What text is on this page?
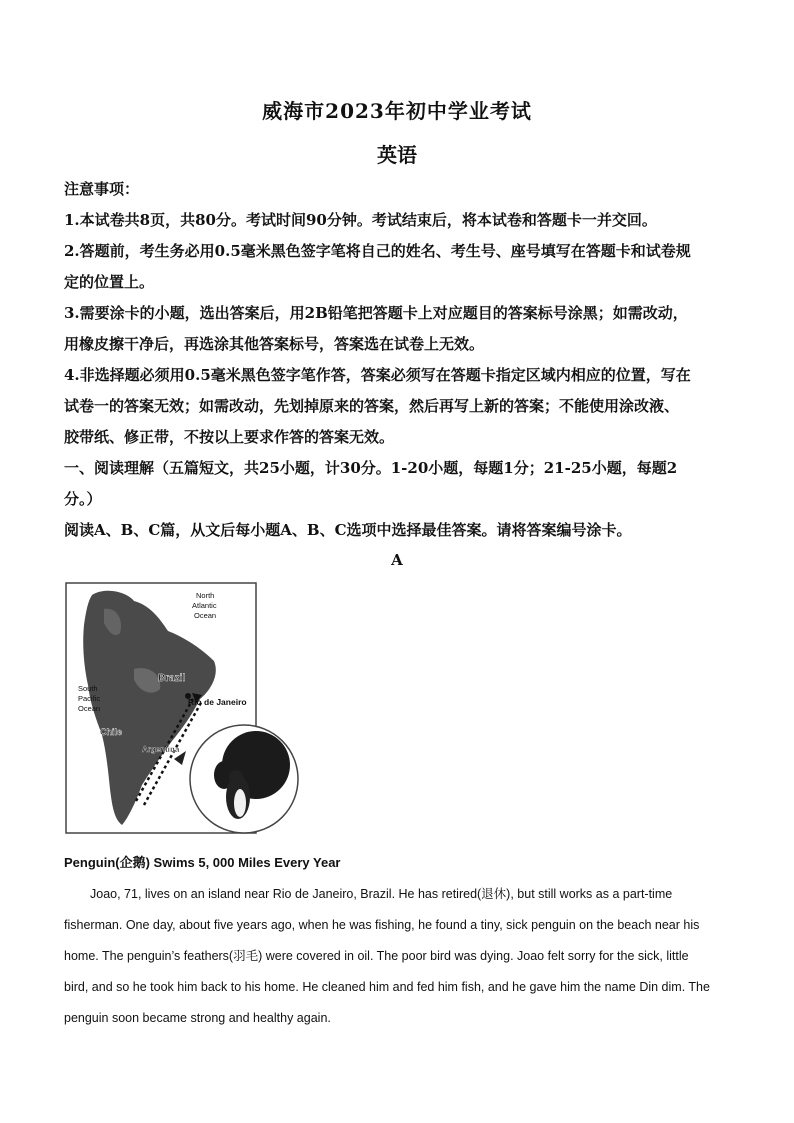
威海市2023年初中学业考试
英语

注意事项：

1.本试卷共8页，共80分。考试时间90分钟。考试结束后，将本试卷和答题卡一并交回。

2.答题前，考生务必用0.5毫米黑色签字笔将自己的姓名、考生号、座号填写在答题卡和试卷规

定的位置上。

3.需要涂卡的小题，选出答案后，用2B铅笔把答题卡上对应题目的答案标号涂黑；如需改动，

用橡皮擦干净后，再选涂其他答案标号，答案选在试卷上无效。

4.非选择题必须用0.5毫米黑色签字笔作答，答案必须写在答题卡指定区域内相应的位置，写在

试卷一的答案无效；如需改动，先划掉原来的答案，然后再写上新的答案；不能使用涂改液、

胶带纸、修正带，不按以上要求作答的答案无效。

一、阅读理解（五篇短文，共25小题，计30分。1-20小题，每题1分；21-25小题，每题2

分。）

阅读A、B、C篇，从文后每小题A、B、C选项中选择最佳答案。请将答案编号涂卡。

A
North
Atlantic
Ocean
South
Pacific
Ocean
Brazil
Rio de Janeiro
Chile
Argentina
Penguin(企鹅) Swims 5, 000 Miles Every Year

Joao, 71, lives on an island near Rio de Janeiro, Brazil. He has retired(退休), but still works as a part-time

fisherman. One day, about five years ago, when he was fishing, he found a tiny, sick penguin on the beach near his

home. The penguin’s feathers(羽毛) were covered in oil. The poor bird was dying. Joao felt sorry for the sick, little

bird, and so he took him back to his home. He cleaned him and fed him fish, and he gave him the name Din dim. The

penguin soon became strong and healthy again.
